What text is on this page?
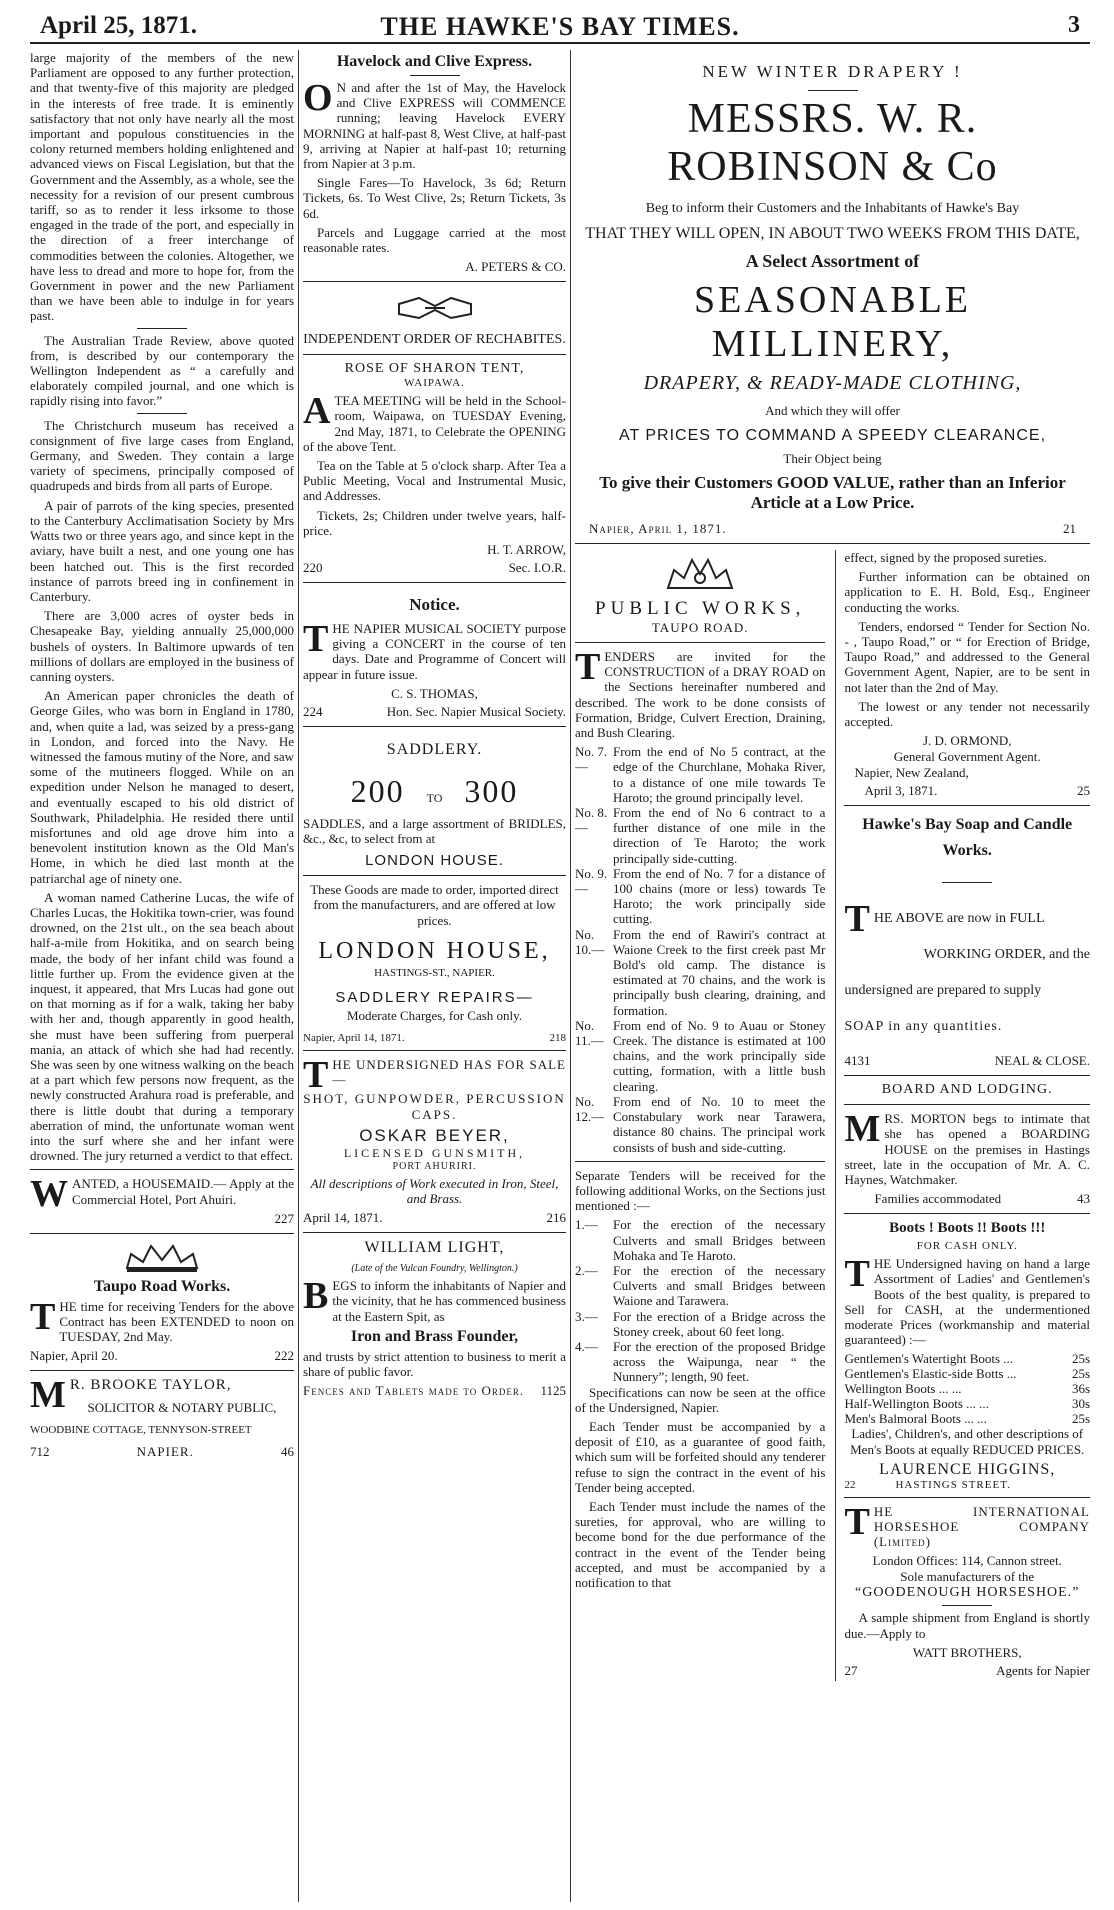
April 25, 1871.	THE HAWKE'S BAY TIMES.	3

large majority of the members of the new Parliament are opposed to any further protection, and that twenty-five of this majority are pledged in the interests of free trade. It is eminently satisfactory that not only have nearly all the most important and populous constituencies in the colony returned members holding enlightened and advanced views on Fiscal Legislation, but that the Government and the Assembly, as a whole, see the necessity for a revision of our present cumbrous tariff, so as to render it less irksome to those engaged in the trade of the port, and especially in the direction of a freer interchange of commodities between the colonies. Altogether, we have less to dread and more to hope for, from the Government in power and the new Parliament than we have been able to indulge in for years past.

The Australian Trade Review, above quoted from, is described by our contemporary the Wellington Independent as “ a carefully and elaborately compiled journal, and one which is rapidly rising into favor.”

The Christchurch museum has received a consignment of five large cases from England, Germany, and Sweden. They contain a large variety of specimens, principally composed of quadrupeds and birds from all parts of Europe.

A pair of parrots of the king species, presented to the Canterbury Acclimatisation Society by Mrs Watts two or three years ago, and since kept in the aviary, have built a nest, and one young one has been hatched out. This is the first recorded instance of parrots breed ing in confinement in Canterbury.

There are 3,000 acres of oyster beds in Chesapeake Bay, yielding annually 25,000,000 bushels of oysters. In Baltimore upwards of ten millions of dollars are employed in the business of canning oysters.

An American paper chronicles the death of George Giles, who was born in England in 1780, and, when quite a lad, was seized by a press-gang in London, and forced into the Navy. He witnessed the famous mutiny of the Nore, and saw some of the mutineers flogged. While on an expedition under Nelson he managed to desert, and eventually escaped to his old district of Southwark, Philadelphia. He resided there until misfortunes and old age drove him into a benevolent institution known as the Old Man's Home, in which he died last month at the patriarchal age of ninety one.

A woman named Catherine Lucas, the wife of Charles Lucas, the Hokitika town-crier, was found drowned, on the 21st ult., on the sea beach about half-a-mile from Hokitika, and on search being made, the body of her infant child was found a little further up. From the evidence given at the inquest, it appeared, that Mrs Lucas had gone out on that morning as if for a walk, taking her baby with her and, though apparently in good health, she must have been suffering from puerperal mania, an attack of which she had had recently. She was seen by one witness walking on the beach at a part which few persons now frequent, as the newly constructed Arahura road is preferable, and there is little doubt that during a temporary aberration of mind, the unfortunate woman went into the surf where she and her infant were drowned. The jury returned a verdict to that effect.

W ANTED, a HOUSEMAID.— Apply at the Commercial Hotel, Port Ahuiri.

227
Taupo Road Works.
T HE time for receiving Tenders for the above Contract has been EXTENDED to noon on TUESDAY, 2nd May.

Napier, April 20.	222
M R. BROOKE TAYLOR,
SOLICITOR & NOTARY PUBLIC,
WOODBINE COTTAGE, TENNYSON-STREET
712	NAPIER.	46
Havelock and Clive Express.
O N and after the 1st of May, the Havelock and Clive EXPRESS will COMMENCE running; leaving Havelock EVERY MORNING at half-past 8, West Clive, at half-past 9, arriving at Napier at half-past 10; returning from Napier at 3 p.m.

Single Fares—To Havelock, 3s 6d; Return Tickets, 6s. To West Clive, 2s; Return Tickets, 3s 6d.

Parcels and Luggage carried at the most reasonable rates.

A. PETERS & CO.
INDEPENDENT ORDER OF RECHABITES.
ROSE OF SHARON TENT,
WAIPAWA.
A TEA MEETING will be held in the School-room, Waipawa, on TUESDAY Evening, 2nd May, 1871, to Celebrate the OPENING of the above Tent.

Tea on the Table at 5 o'clock sharp. After Tea a Public Meeting, Vocal and Instrumental Music, and Addresses.

Tickets, 2s; Children under twelve years, half-price.

H. T. ARROW,
220	Sec. I.O.R.
Notice.
T HE NAPIER MUSICAL SOCIETY purpose giving a CONCERT in the course of ten days. Date and Programme of Concert will appear in future issue.

C. S. THOMAS,
224	Hon. Sec. Napier Musical Society.
SADDLERY.
200 TO 300

SADDLES, and a large assortment of BRIDLES, &c., &c, to select from at

LONDON HOUSE.

These Goods are made to order, imported direct from the manufacturers, and are offered at low prices.

LONDON HOUSE,
HASTINGS-ST., NAPIER.
SADDLERY REPAIRS—
Moderate Charges, for Cash only.
Napier, April 14, 1871.	218
T HE UNDERSIGNED HAS FOR SALE—

SHOT, GUNPOWDER, PERCUSSION CAPS.

OSKAR BEYER,
LICENSED GUNSMITH,
PORT AHURIRI.

All descriptions of Work executed in Iron, Steel, and Brass.

April 14, 1871.	216
WILLIAM LIGHT,
(Late of the Vulcan Foundry, Wellington.)
B EGS to inform the inhabitants of Napier and the vicinity, that he has commenced business at the Eastern Spit, as

Iron and Brass Founder,

and trusts by strict attention to business to merit a share of public favor.

Fences and Tablets made to Order. 1125
NEW WINTER DRAPERY !
MESSRS. W. R. ROBINSON & Co
Beg to inform their Customers and the Inhabitants of Hawke's Bay
THAT THEY WILL OPEN, IN ABOUT TWO WEEKS FROM THIS DATE,
A Select Assortment of
SEASONABLE MILLINERY,
DRAPERY, & READY-MADE CLOTHING,
And which they will offer
AT PRICES TO COMMAND A SPEEDY CLEARANCE,
Their Object being
To give their Customers GOOD VALUE, rather than an Inferior
Article at a Low Price.
Napier, April 1, 1871.	21
PUBLIC WORKS,
TAUPO ROAD.
T ENDERS are invited for the CONSTRUCTION of a DRAY ROAD on the Sections hereinafter numbered and described. The work to be done consists of Formation, Bridge, Culvert Erection, Draining, and Bush Clearing.

No. 7.—
From the end of No 5 contract, at the edge of the Churchlane, Mohaka River, to a distance of one mile towards Te Haroto; the ground principally level.
No. 8.—
From the end of No 6 contract to a further distance of one mile in the direction of Te Haroto; the work principally side-cutting.
No. 9.—
From the end of No. 7 for a distance of 100 chains (more or less) towards Te Haroto; the work principally side cutting.
No. 10.—
From the end of Rawiri's contract at Waione Creek to the first creek past Mr Bold's old camp. The distance is estimated at 70 chains, and the work is principally bush clearing, draining, and formation.
No. 11.—
From end of No. 9 to Auau or Stoney Creek. The distance is estimated at 100 chains, and the work principally side cutting, formation, with a little bush clearing.
No. 12.—
From end of No. 10 to meet the Constabulary work near Tarawera, distance 80 chains. The principal work consists of bush and side-cutting.

Separate Tenders will be received for the following additional Works, on the Sections just mentioned :—

1.—	For the erection of the necessary Culverts and small Bridges between Mohaka and Te Haroto.
2.—	For the erection of the necessary Culverts and small Bridges between Waione and Tarawera.
3.—	For the erection of a Bridge across the Stoney creek, about 60 feet long.
4.—	For the erection of the proposed Bridge across the Waipunga, near “ the Nunnery”; length, 90 feet.

Specifications can now be seen at the office of the Undersigned, Napier.

Each Tender must be accompanied by a deposit of £10, as a guarantee of good faith, which sum will be forfeited should any tenderer refuse to sign the contract in the event of his Tender being accepted.

Each Tender must include the names of the sureties, for approval, who are willing to become bond for the due performance of the contract in the event of the Tender being accepted, and must be accompanied by a notification to that

effect, signed by the proposed sureties.

Further information can be obtained on application to E. H. Bold, Esq., Engineer conducting the works.

Tenders, endorsed “ Tender for Section No. - , Taupo Road,” or “ for Erection of Bridge, Taupo Road,” and addressed to the General Government Agent, Napier, are to be sent in not later than the 2nd of May.

The lowest or any tender not necessarily accepted.

J. D. ORMOND,
General Government Agent.
Napier, New Zealand,
April 3, 1871.	25
Hawke's Bay Soap and Candle Works.
T HE ABOVE are now in FULL
WORKING ORDER, and the
undersigned are prepared to supply
SOAP in any quantities.
4131	NEAL & CLOSE.
BOARD AND LODGING.
M RS. MORTON begs to intimate that she has opened a BOARDING HOUSE on the premises in Hastings street, late in the occupation of Mr. A. C. Haynes, Watchmaker.

Families accommodated	43
Boots ! Boots !! Boots !!!
FOR CASH ONLY.
T HE Undersigned having on hand a large Assortment of Ladies' and Gentlemen's Boots of the best quality, is prepared to Sell for CASH, at the undermentioned moderate Prices (workmanship and material guaranteed) :—

Gentlemen's Watertight Boots ...	25s
Gentlemen's Elastic-side Botts ...	25s
Wellington Boots ... ...	36s
Half-Wellington Boots ... ...	30s
Men's Balmoral Boots ... ...	25s

Ladies', Children's, and other descriptions of Men's Boots at equally REDUCED PRICES.

LAURENCE HIGGINS,
22	HASTINGS STREET.
T HE INTERNATIONAL HORSESHOE COMPANY (Limited)

London Offices: 114, Cannon street.
Sole manufacturers of the
“GOODENOUGH HORSESHOE.”

A sample shipment from England is shortly due.—Apply to

WATT BROTHERS,
27	Agents for Napier
